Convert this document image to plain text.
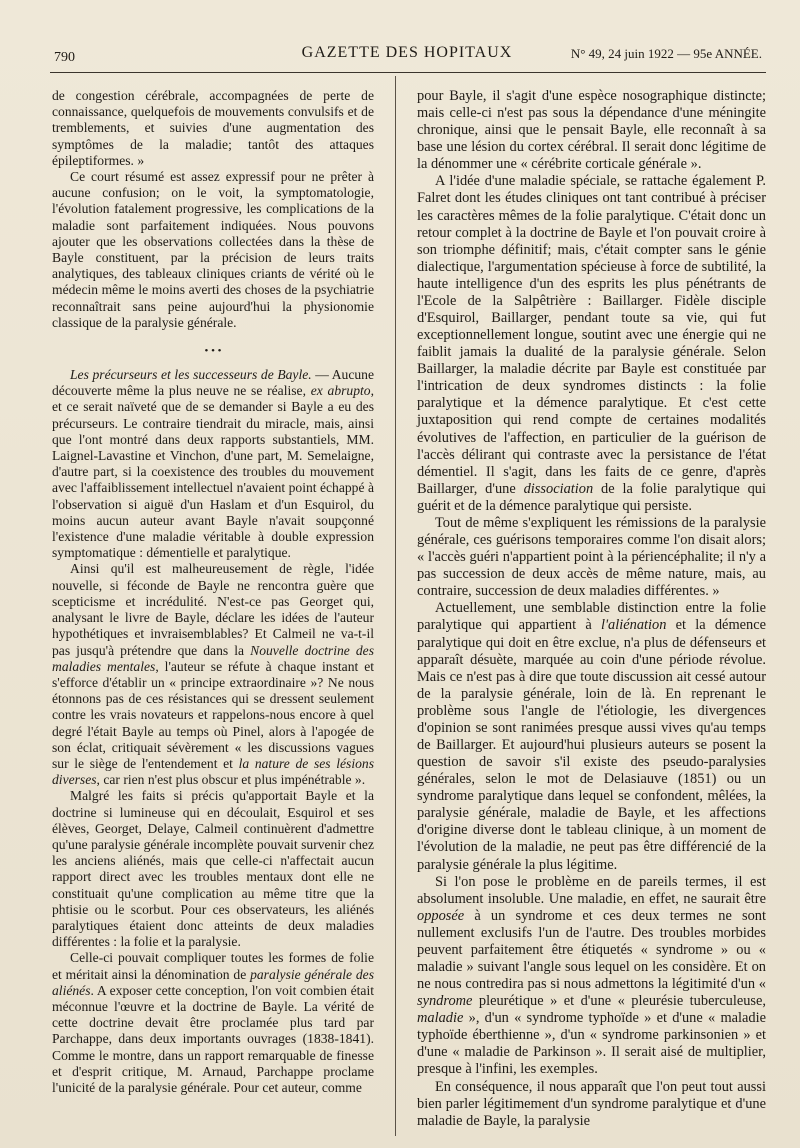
790	GAZETTE DES HOPITAUX	N° 49, 24 juin 1922 — 95e ANNÉE.

de congestion cérébrale, accompagnées de perte de connaissance, quelquefois de mouvements convulsifs et de tremblements, et suivies d'une augmentation des symptômes de la maladie; tantôt des attaques épileptiformes. »

Ce court résumé est assez expressif pour ne prêter à aucune confusion; on le voit, la symptomatologie, l'évolution fatalement progressive, les complications de la maladie sont parfaitement indiquées. Nous pouvons ajouter que les observations collectées dans la thèse de Bayle constituent, par la précision de leurs traits analytiques, des tableaux cliniques criants de vérité où le médecin même le moins averti des choses de la psychiatrie reconnaîtrait sans peine aujourd'hui la physionomie classique de la paralysie générale.

• • •

Les précurseurs et les successeurs de Bayle. — Aucune découverte même la plus neuve ne se réalise, ex abrupto, et ce serait naïveté que de se demander si Bayle a eu des précurseurs. Le contraire tiendrait du miracle, mais, ainsi que l'ont montré dans deux rapports substantiels, MM. Laignel-Lavastine et Vinchon, d'une part, M. Semelaigne, d'autre part, si la coexistence des troubles du mouvement avec l'affaiblissement intellectuel n'avaient point échappé à l'observation si aiguë d'un Haslam et d'un Esquirol, du moins aucun auteur avant Bayle n'avait soupçonné l'existence d'une maladie véritable à double expression symptomatique : démentielle et paralytique.

Ainsi qu'il est malheureusement de règle, l'idée nouvelle, si féconde de Bayle ne rencontra guère que scepticisme et incrédulité. N'est-ce pas Georget qui, analysant le livre de Bayle, déclare les idées de l'auteur hypothétiques et invraisemblables? Et Calmeil ne va-t-il pas jusqu'à prétendre que dans la Nouvelle doctrine des maladies mentales, l'auteur se réfute à chaque instant et s'efforce d'établir un « principe extraordinaire »? Ne nous étonnons pas de ces résistances qui se dressent seulement contre les vrais novateurs et rappelons-nous encore à quel degré l'était Bayle au temps où Pinel, alors à l'apogée de son éclat, critiquait sévèrement « les discussions vagues sur le siège de l'entendement et la nature de ses lésions diverses, car rien n'est plus obscur et plus impénétrable ».

Malgré les faits si précis qu'apportait Bayle et la doctrine si lumineuse qui en découlait, Esquirol et ses élèves, Georget, Delaye, Calmeil continuèrent d'admettre qu'une paralysie générale incomplète pouvait survenir chez les anciens aliénés, mais que celle-ci n'affectait aucun rapport direct avec les troubles mentaux dont elle ne constituait qu'une complication au même titre que la phtisie ou le scorbut. Pour ces observateurs, les aliénés paralytiques étaient donc atteints de deux maladies différentes : la folie et la paralysie.

Celle-ci pouvait compliquer toutes les formes de folie et méritait ainsi la dénomination de paralysie générale des aliénés. A exposer cette conception, l'on voit combien était méconnue l'œuvre et la doctrine de Bayle. La vérité de cette doctrine devait être proclamée plus tard par Parchappe, dans deux importants ouvrages (1838-1841). Comme le montre, dans un rapport remarquable de finesse et d'esprit critique, M. Arnaud, Parchappe proclame l'unicité de la paralysie générale. Pour cet auteur, comme

pour Bayle, il s'agit d'une espèce nosographique distincte; mais celle-ci n'est pas sous la dépendance d'une méningite chronique, ainsi que le pensait Bayle, elle reconnaît à sa base une lésion du cortex cérébral. Il serait donc légitime de la dénommer une « cérébrite corticale générale ».

A l'idée d'une maladie spéciale, se rattache également P. Falret dont les études cliniques ont tant contribué à préciser les caractères mêmes de la folie paralytique. C'était donc un retour complet à la doctrine de Bayle et l'on pouvait croire à son triomphe définitif; mais, c'était compter sans le génie dialectique, l'argumentation spécieuse à force de subtilité, la haute intelligence d'un des esprits les plus pénétrants de l'Ecole de la Salpêtrière : Baillarger. Fidèle disciple d'Esquirol, Baillarger, pendant toute sa vie, qui fut exceptionnellement longue, soutint avec une énergie qui ne faiblit jamais la dualité de la paralysie générale. Selon Baillarger, la maladie décrite par Bayle est constituée par l'intrication de deux syndromes distincts : la folie paralytique et la démence paralytique. Et c'est cette juxtaposition qui rend compte de certaines modalités évolutives de l'affection, en particulier de la guérison de l'accès délirant qui contraste avec la persistance de l'état démentiel. Il s'agit, dans les faits de ce genre, d'après Baillarger, d'une dissociation de la folie paralytique qui guérit et de la démence paralytique qui persiste.

Tout de même s'expliquent les rémissions de la paralysie générale, ces guérisons temporaires comme l'on disait alors; « l'accès guéri n'appartient point à la périencéphalite; il n'y a pas succession de deux accès de même nature, mais, au contraire, succession de deux maladies différentes. »

Actuellement, une semblable distinction entre la folie paralytique qui appartient à l'aliénation et la démence paralytique qui doit en être exclue, n'a plus de défenseurs et apparaît désuète, marquée au coin d'une période révolue. Mais ce n'est pas à dire que toute discussion ait cessé autour de la paralysie générale, loin de là. En reprenant le problème sous l'angle de l'étiologie, les divergences d'opinion se sont ranimées presque aussi vives qu'au temps de Baillarger. Et aujourd'hui plusieurs auteurs se posent la question de savoir s'il existe des pseudo-paralysies générales, selon le mot de Delasiauve (1851) ou un syndrome paralytique dans lequel se confondent, mêlées, la paralysie générale, maladie de Bayle, et les affections d'origine diverse dont le tableau clinique, à un moment de l'évolution de la maladie, ne peut pas être différencié de la paralysie générale la plus légitime.

Si l'on pose le problème en de pareils termes, il est absolument insoluble. Une maladie, en effet, ne saurait être opposée à un syndrome et ces deux termes ne sont nullement exclusifs l'un de l'autre. Des troubles morbides peuvent parfaitement être étiquetés « syndrome » ou « maladie » suivant l'angle sous lequel on les considère. Et on ne nous contredira pas si nous admettons la légitimité d'un « syndrome pleurétique » et d'une « pleurésie tuberculeuse, maladie », d'un « syndrome typhoïde » et d'une « maladie typhoïde éberthienne », d'un « syndrome parkinsonien » et d'une « maladie de Parkinson ». Il serait aisé de multiplier, presque à l'infini, les exemples.

En conséquence, il nous apparaît que l'on peut tout aussi bien parler légitimement d'un syndrome paralytique et d'une maladie de Bayle, la paralysie
